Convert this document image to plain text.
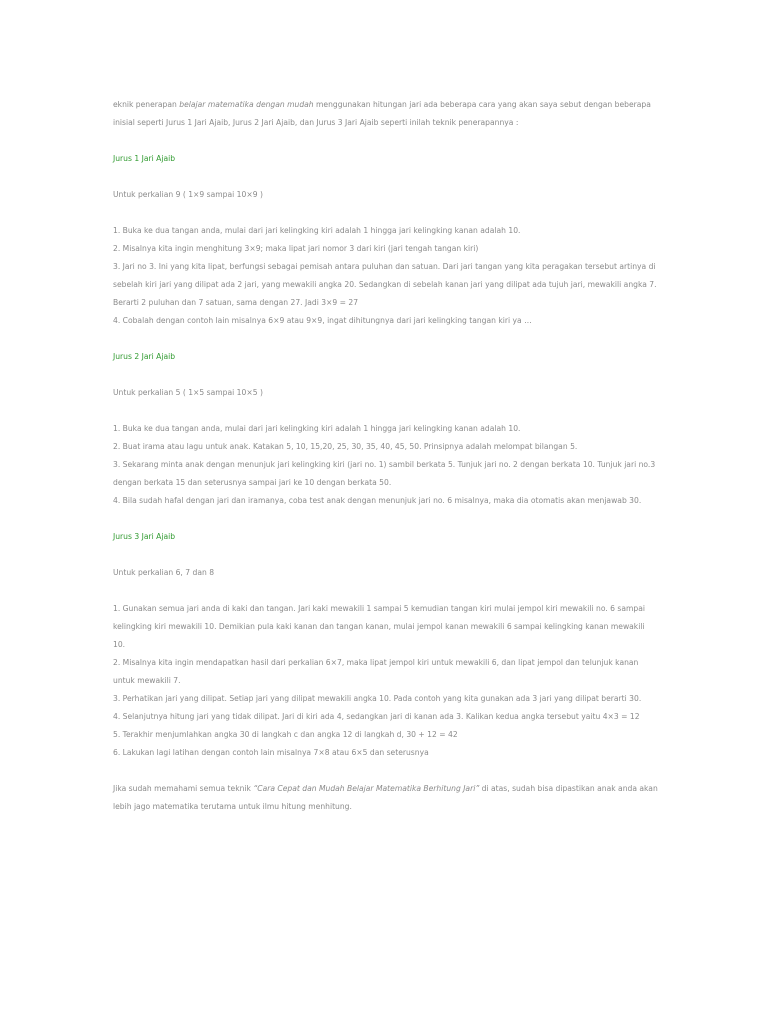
eknik penerapan belajar matematika dengan mudah menggunakan hitungan jari ada beberapa cara yang akan saya sebut dengan beberapa inisial seperti Jurus 1 Jari Ajaib, Jurus 2 Jari Ajaib, dan Jurus 3 Jari Ajaib seperti inilah teknik penerapannya :

Jurus 1 Jari Ajaib

Untuk perkalian 9 ( 1×9 sampai 10×9 )

1. Buka ke dua tangan anda, mulai dari jari kelingking kiri adalah 1 hingga jari kelingking kanan adalah 10.

2. Misalnya kita ingin menghitung 3×9; maka lipat jari nomor 3 dari kiri (jari tengah tangan kiri)

3. Jari no 3. Ini yang kita lipat, berfungsi sebagai pemisah antara puluhan dan satuan. Dari jari tangan yang kita peragakan tersebut artinya di sebelah kiri jari yang dilipat ada 2 jari, yang mewakili angka 20. Sedangkan di sebelah kanan jari yang dilipat ada tujuh jari, mewakili angka 7. Berarti 2 puluhan dan 7 satuan, sama dengan 27. Jadi 3×9 = 27

4. Cobalah dengan contoh lain misalnya 6×9 atau 9×9, ingat dihitungnya dari jari kelingking tangan kiri ya …

Jurus 2 Jari Ajaib

Untuk perkalian 5 ( 1×5 sampai 10×5 )

1. Buka ke dua tangan anda, mulai dari jari kelingking kiri adalah 1 hingga jari kelingking kanan adalah 10.

2. Buat irama atau lagu untuk anak. Katakan 5, 10, 15,20, 25, 30, 35, 40, 45, 50. Prinsipnya adalah melompat bilangan 5.

3. Sekarang minta anak dengan menunjuk jari kelingking kiri (jari no. 1) sambil berkata 5. Tunjuk jari no. 2 dengan berkata 10. Tunjuk jari no.3 dengan berkata 15 dan seterusnya sampai jari ke 10 dengan berkata 50.

4. Bila sudah hafal dengan jari dan iramanya, coba test anak dengan menunjuk jari no. 6 misalnya, maka dia otomatis akan menjawab 30.

Jurus 3 Jari Ajaib

Untuk perkalian 6, 7 dan 8

1. Gunakan semua jari anda di kaki dan tangan. Jari kaki mewakili 1 sampai 5 kemudian tangan kiri mulai jempol kiri mewakili no. 6 sampai kelingking kiri mewakili 10. Demikian pula kaki kanan dan tangan kanan, mulai jempol kanan mewakili 6 sampai kelingking kanan mewakili 10.

2. Misalnya kita ingin mendapatkan hasil dari perkalian 6×7, maka lipat jempol kiri untuk mewakili 6, dan lipat jempol dan telunjuk kanan untuk mewakili 7.

3. Perhatikan jari yang dilipat. Setiap jari yang dilipat mewakili angka 10. Pada contoh yang kita gunakan ada 3 jari yang dilipat berarti 30.

4. Selanjutnya hitung jari yang tidak dilipat. Jari di kiri ada 4, sedangkan jari di kanan ada 3. Kalikan kedua angka tersebut yaitu 4×3 = 12

5. Terakhir menjumlahkan angka 30 di langkah c dan angka 12 di langkah d, 30 + 12 = 42

6. Lakukan lagi latihan dengan contoh lain misalnya 7×8 atau 6×5 dan seterusnya

Jika sudah memahami semua teknik “Cara Cepat dan Mudah Belajar Matematika Berhitung Jari” di atas, sudah bisa dipastikan anak anda akan lebih jago matematika terutama untuk ilmu hitung menhitung.
